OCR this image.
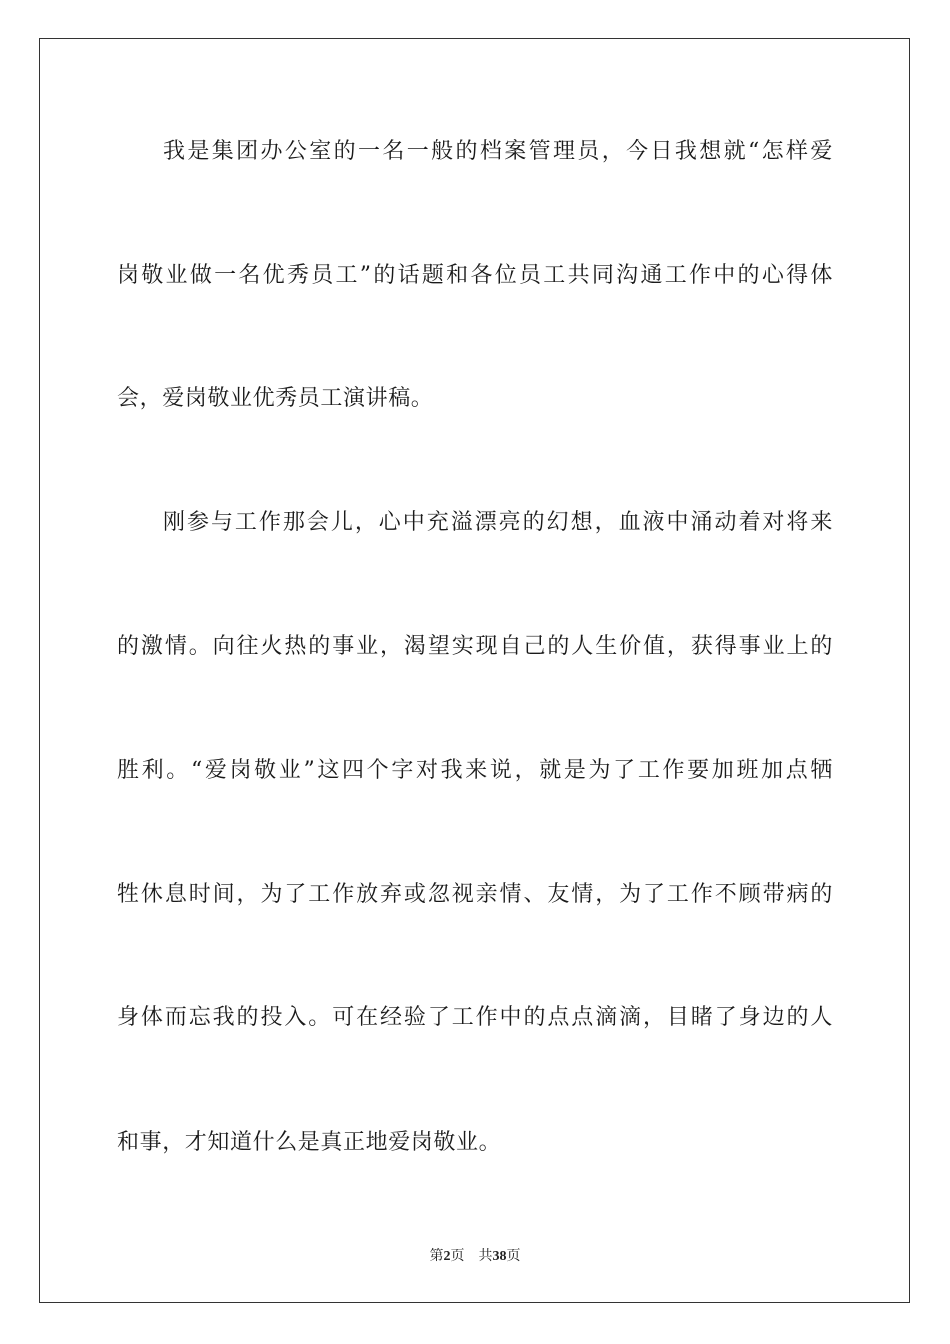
我是集团办公室的一名一般的档案管理员，今日我想就“怎样爱
岗敬业做一名优秀员工”的话题和各位员工共同沟通工作中的心得体
会，爱岗敬业优秀员工演讲稿。
刚参与工作那会儿，心中充溢漂亮的幻想，血液中涌动着对将来
的激情。向往火热的事业，渴望实现自己的人生价值，获得事业上的
胜利。“爱岗敬业”这四个字对我来说，就是为了工作要加班加点牺
牲休息时间，为了工作放弃或忽视亲情、友情，为了工作不顾带病的
身体而忘我的投入。可在经验了工作中的点点滴滴，目睹了身边的人
和事，才知道什么是真正地爱岗敬业。
第2页 共38页
